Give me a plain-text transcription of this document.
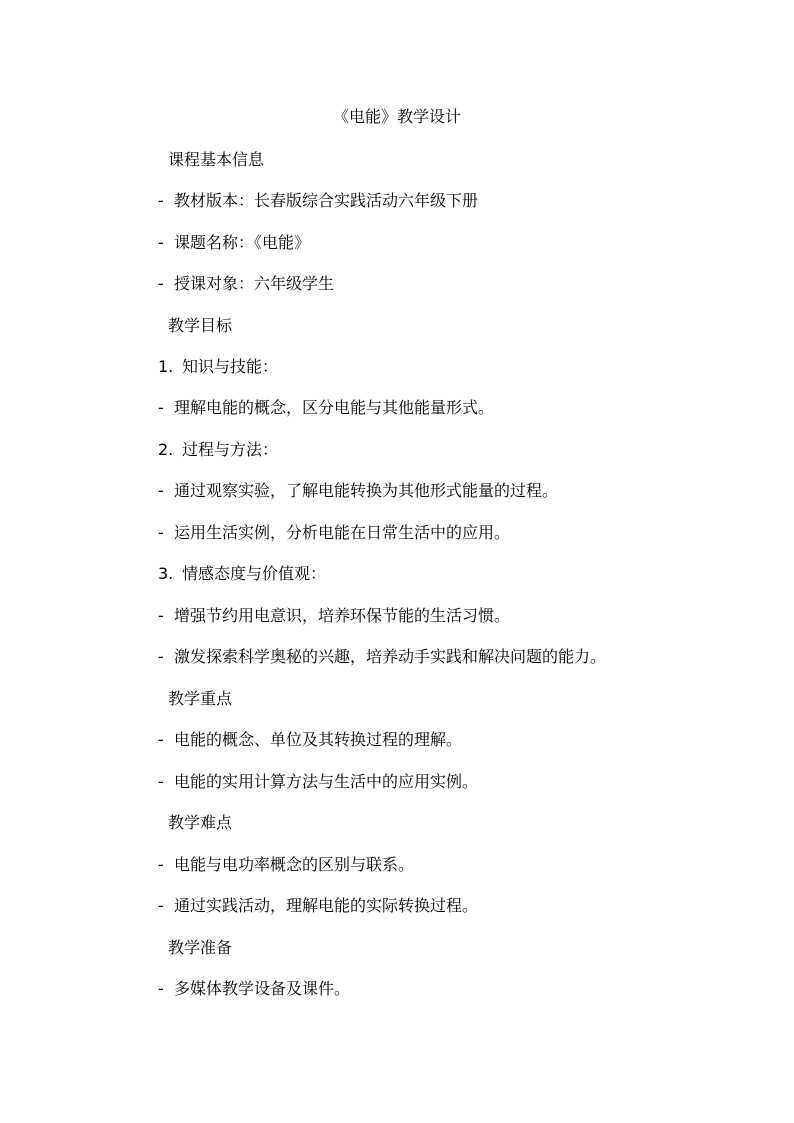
《电能》教学设计
课程基本信息
- 教材版本：长春版综合实践活动六年级下册
- 课题名称：《电能》
- 授课对象：六年级学生
教学目标
1. 知识与技能：
- 理解电能的概念，区分电能与其他能量形式。
2. 过程与方法：
- 通过观察实验，了解电能转换为其他形式能量的过程。
- 运用生活实例，分析电能在日常生活中的应用。
3. 情感态度与价值观：
- 增强节约用电意识，培养环保节能的生活习惯。
- 激发探索科学奥秘的兴趣，培养动手实践和解决问题的能力。
教学重点
- 电能的概念、单位及其转换过程的理解。
- 电能的实用计算方法与生活中的应用实例。
教学难点
- 电能与电功率概念的区别与联系。
- 通过实践活动，理解电能的实际转换过程。
教学准备
- 多媒体教学设备及课件。
